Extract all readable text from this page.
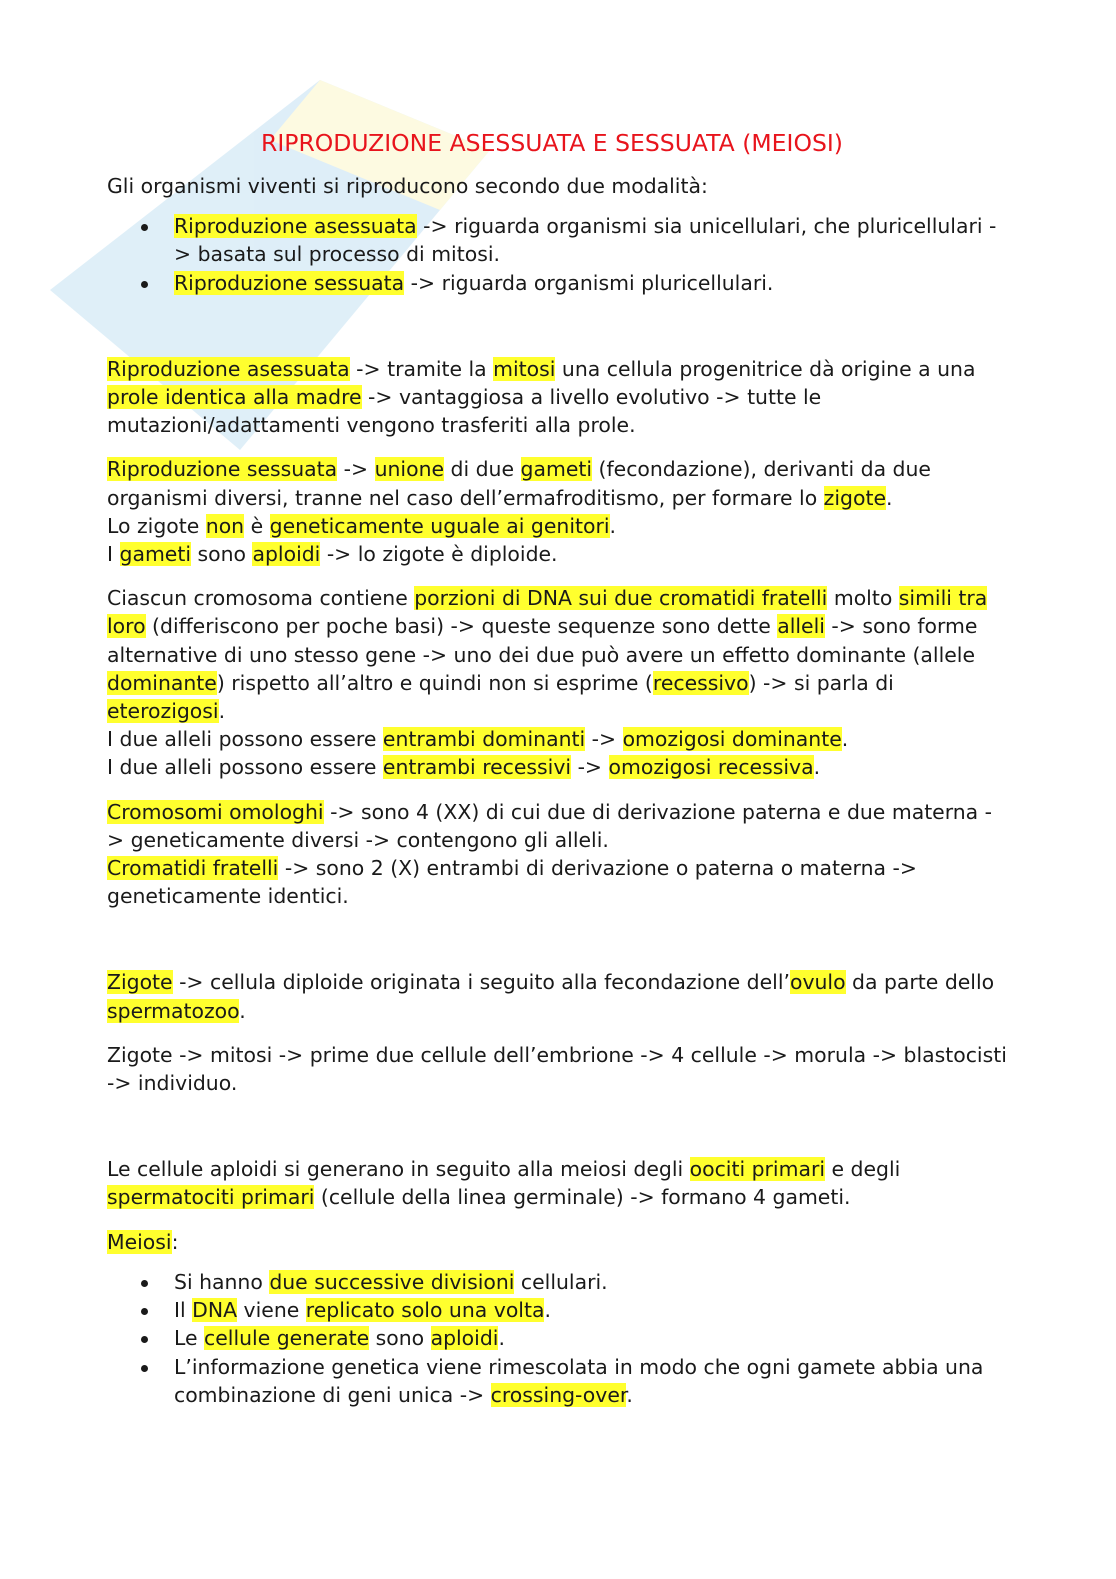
RIPRODUZIONE ASESSUATA E SESSUATA (MEIOSI)

Gli organismi viventi si riproducono secondo due modalità:

Riproduzione asessuata -> riguarda organismi sia unicellulari, che pluricellulari -> basata sul processo di mitosi.
Riproduzione sessuata -> riguarda organismi pluricellulari.

Riproduzione asessuata -> tramite la mitosi una cellula progenitrice dà origine a una prole identica alla madre -> vantaggiosa a livello evolutivo -> tutte le mutazioni/adattamenti vengono trasferiti alla prole.

Riproduzione sessuata -> unione di due gameti (fecondazione), derivanti da due organismi diversi, tranne nel caso dell’ermafroditismo, per formare lo zigote.

Lo zigote non è geneticamente uguale ai genitori.

I gameti sono aploidi -> lo zigote è diploide.

Ciascun cromosoma contiene porzioni di DNA sui due cromatidi fratelli molto simili tra loro (differiscono per poche basi) -> queste sequenze sono dette alleli -> sono forme alternative di uno stesso gene -> uno dei due può avere un effetto dominante (allele dominante) rispetto all’altro e quindi non si esprime (recessivo) -> si parla di eterozigosi.

I due alleli possono essere entrambi dominanti -> omozigosi dominante.

I due alleli possono essere entrambi recessivi -> omozigosi recessiva.

Cromosomi omologhi -> sono 4 (XX) di cui due di derivazione paterna e due materna -> geneticamente diversi -> contengono gli alleli.

Cromatidi fratelli -> sono 2 (X) entrambi di derivazione o paterna o materna -> geneticamente identici.

Zigote -> cellula diploide originata i seguito alla fecondazione dell’ovulo da parte dello spermatozoo.

Zigote -> mitosi -> prime due cellule dell’embrione -> 4 cellule -> morula -> blastocisti -> individuo.

Le cellule aploidi si generano in seguito alla meiosi degli oociti primari e degli spermatociti primari (cellule della linea germinale) -> formano 4 gameti.

Meiosi:

Si hanno due successive divisioni cellulari.
Il DNA viene replicato solo una volta.
Le cellule generate sono aploidi.
L’informazione genetica viene rimescolata in modo che ogni gamete abbia una combinazione di geni unica -> crossing-over.
